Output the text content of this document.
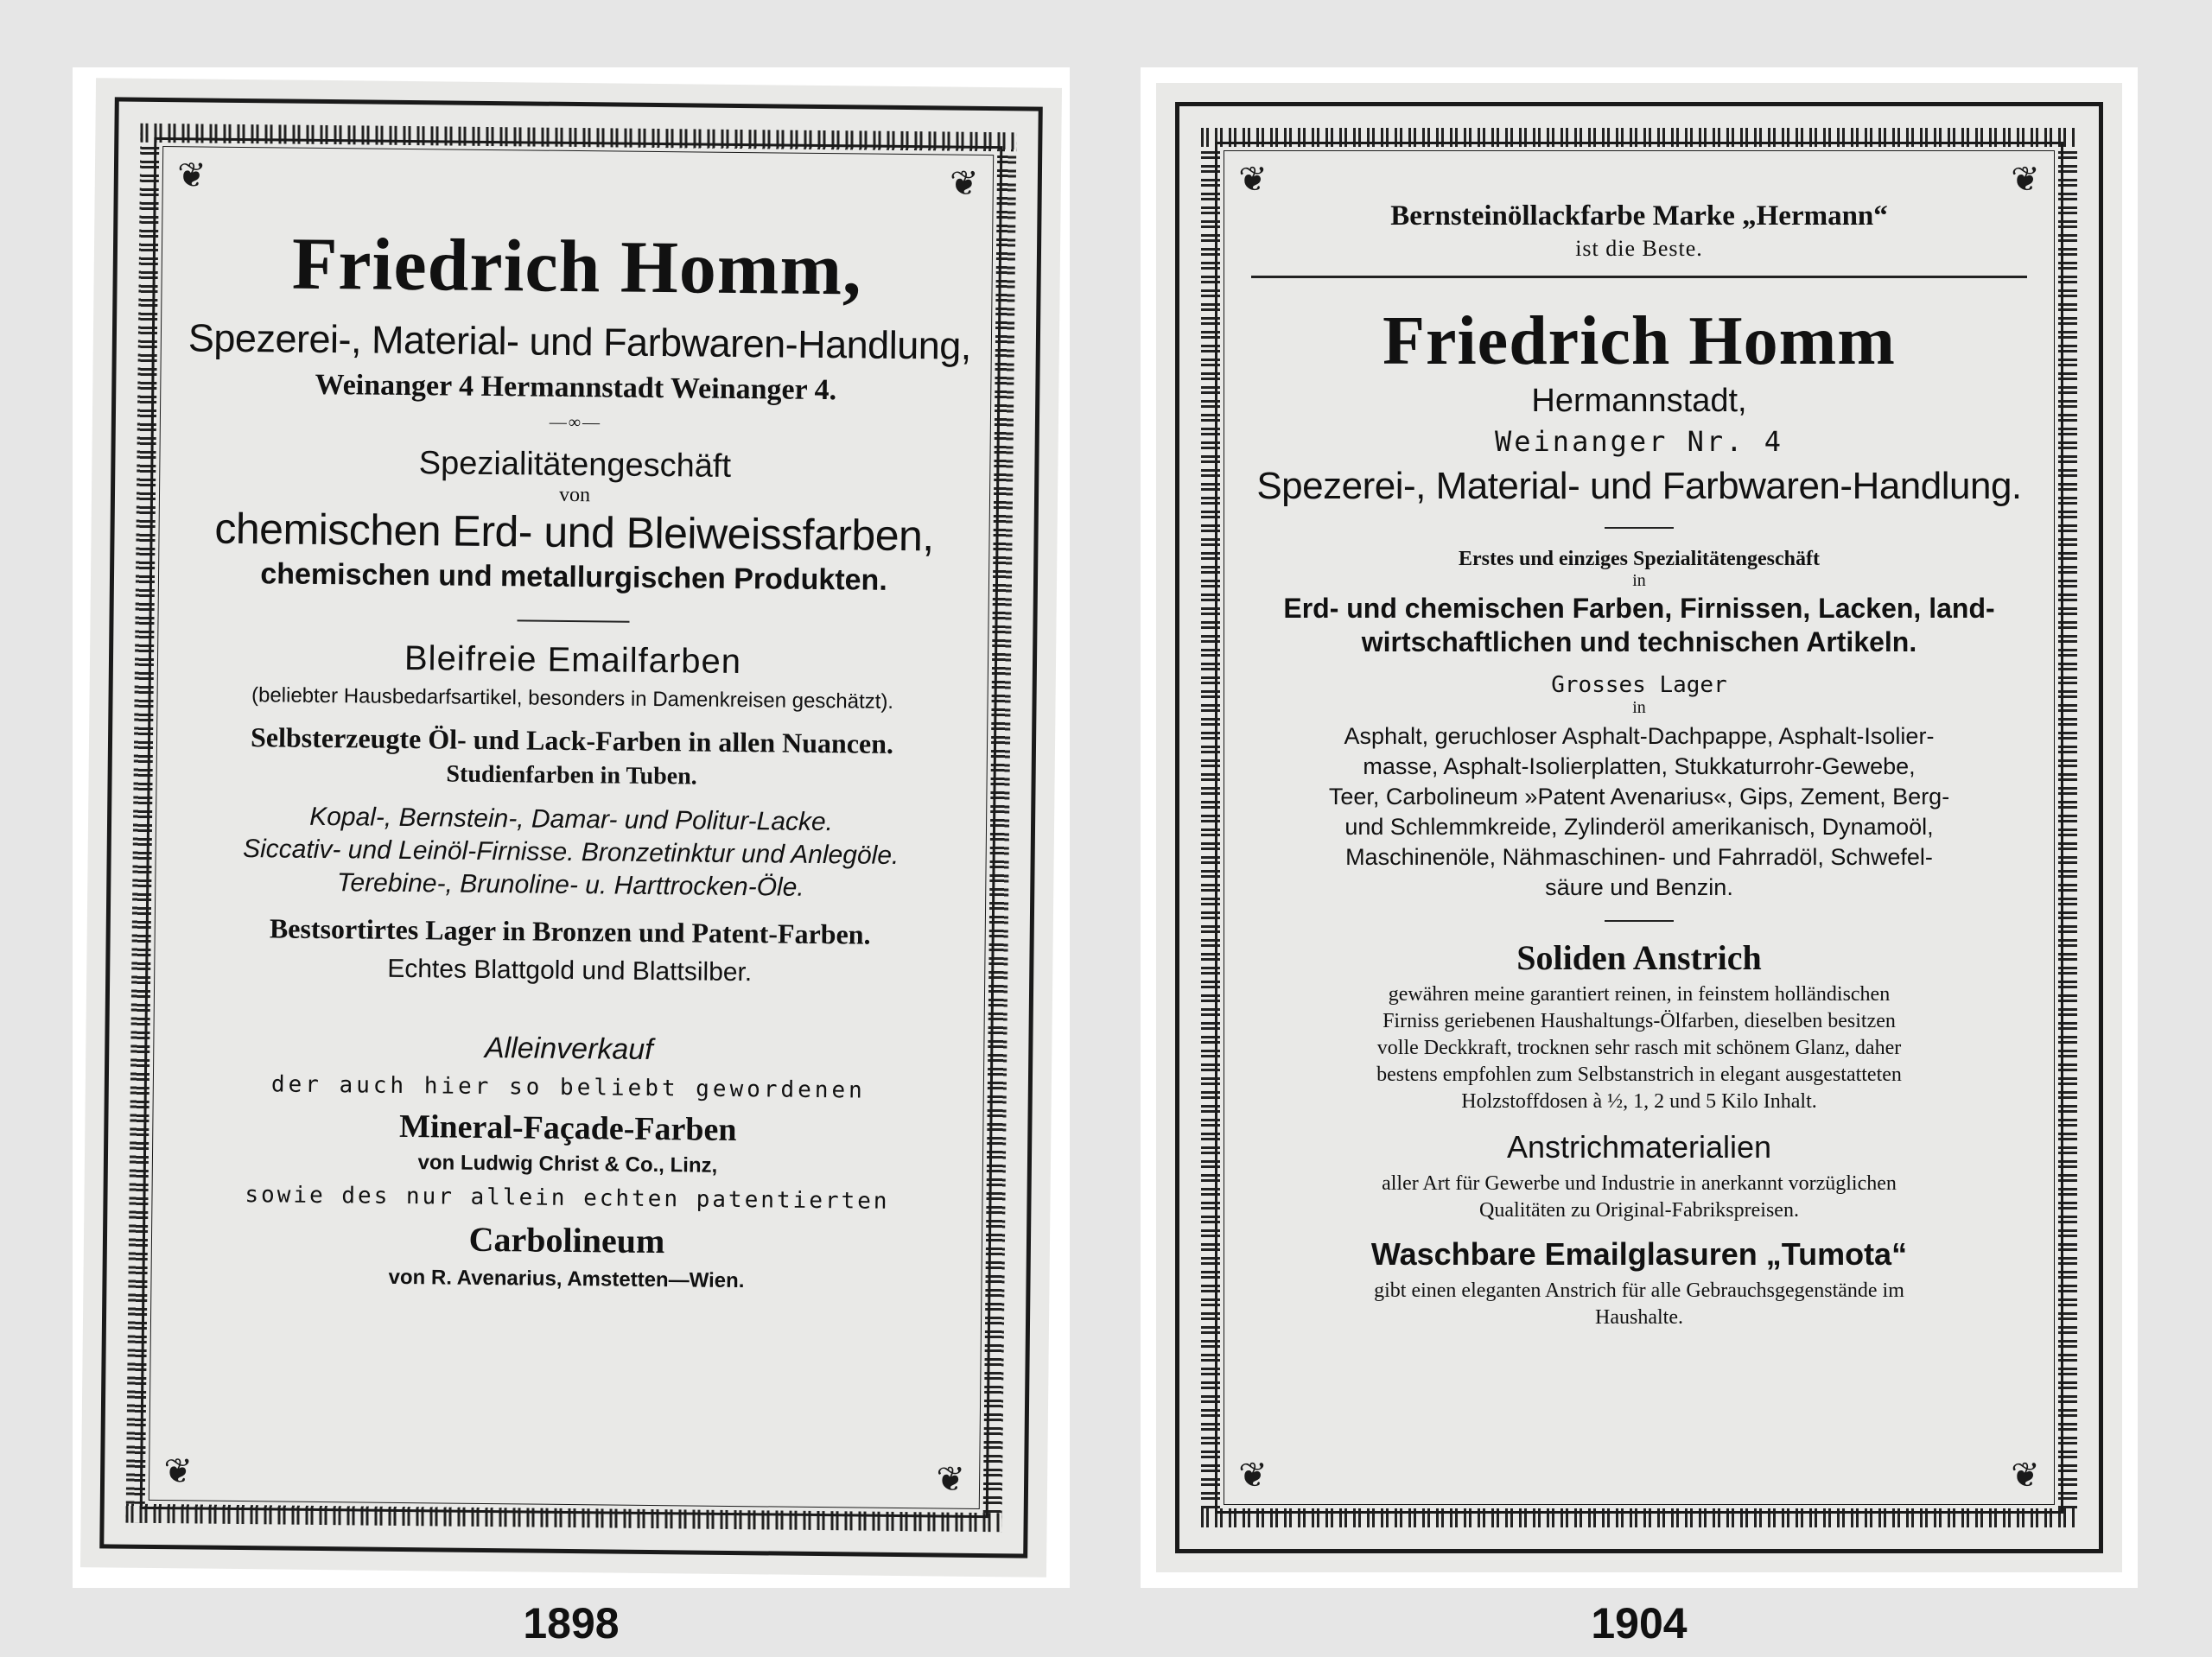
❦	❦
❦	❦
Friedrich Homm,
Spezerei-, Material- und Farbwaren-Handlung,
Weinanger 4 Hermannstadt Weinanger 4.
—∞—
Spezialitätengeschäft
von
chemischen Erd- und Bleiweissfarben,
chemischen und metallurgischen Produkten.
Bleifreie Emailfarben
(beliebter Hausbedarfsartikel, besonders in Damenkreisen geschätzt).
Selbsterzeugte Öl- und Lack-Farben in allen Nuancen.
Studienfarben in Tuben.
Kopal-, Bernstein-, Damar- und Politur-Lacke.
Siccativ- und Leinöl-Firnisse. Bronzetinktur und Anlegöle.
Terebine-, Brunoline- u. Harttrocken-Öle.
Bestsortirtes Lager in Bronzen und Patent-Farben.
Echtes Blattgold und Blattsilber.
Alleinverkauf
der auch hier so beliebt gewordenen
Mineral-Façade-Farben
von Ludwig Christ & Co., Linz,
sowie des nur allein echten patentierten
Carbolineum
von R. Avenarius, Amstetten—Wien.
❦	❦
❦	❦
Bernsteinöllackfarbe Marke „Hermann“
ist die Beste.
Friedrich Homm
Hermannstadt,
Weinanger Nr. 4
Spezerei-, Material- und Farbwaren-Handlung.
Erstes und einziges Spezialitätengeschäft
in
Erd- und chemischen Farben, Firnissen, Lacken, land-
wirtschaftlichen und technischen Artikeln.
Grosses Lager
in
Asphalt, geruchloser Asphalt-Dachpappe, Asphalt-Isolier-
masse, Asphalt-Isolierplatten, Stukkaturrohr-Gewebe,
Teer, Carbolineum »Patent Avenarius«, Gips, Zement, Berg-
und Schlemmkreide, Zylinderöl amerikanisch, Dynamoöl,
Maschinenöle, Nähmaschinen- und Fahrradöl, Schwefel-
säure und Benzin.
Soliden Anstrich
gewähren meine garantiert reinen, in feinstem holländischen
Firniss geriebenen Haushaltungs-Ölfarben, dieselben besitzen
volle Deckkraft, trocknen sehr rasch mit schönem Glanz, daher
bestens empfohlen zum Selbstanstrich in elegant ausgestatteten
Holzstoffdosen à ½, 1, 2 und 5 Kilo Inhalt.
Anstrichmaterialien
aller Art für Gewerbe und Industrie in anerkannt vorzüglichen
Qualitäten zu Original-Fabrikspreisen.
Waschbare Emailglasuren „Tumota“
gibt einen eleganten Anstrich für alle Gebrauchsgegenstände im
Haushalte.
1898	1904
